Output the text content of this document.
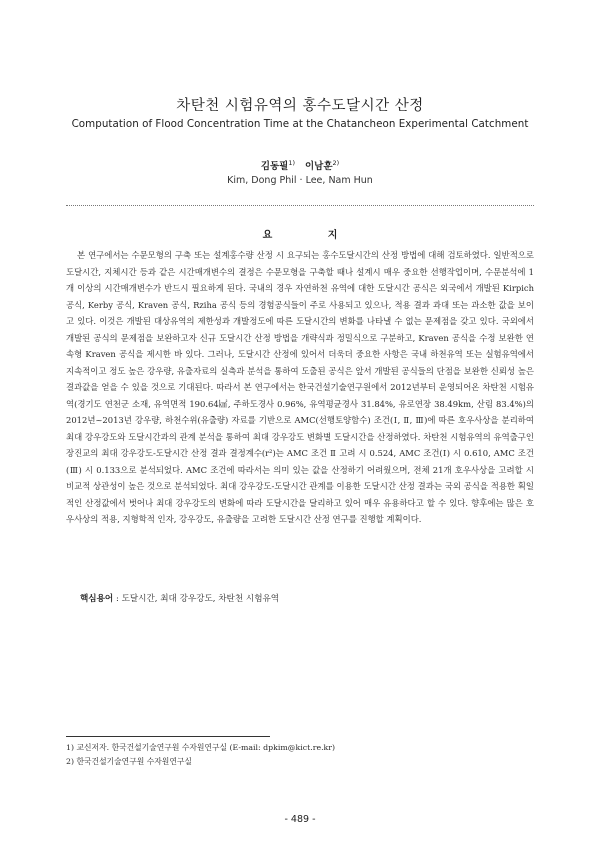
차탄천 시험유역의 홍수도달시간 산정
Computation of Flood Concentration Time at the Chatancheon Experimental Catchment
김동필$^{1)}$ 이남훈$^{2)}$
Kim, Dong Phil · Lee, Nam Hun
요 지

본 연구에서는 수문모형의 구축 또는 설계홍수량 산정 시 요구되는 홍수도달시간의 산정 방법에 대해 검토하였다. 일반적으로 도달시간, 지체시간 등과 같은 시간매개변수의 결정은 수문모형을 구축할 때나 설계시 매우 중요한 선행작업이며, 수문분석에 1개 이상의 시간매개변수가 반드시 필요하게 된다. 국내의 경우 자연하천 유역에 대한 도달시간 공식은 외국에서 개발된 Kirpich 공식, Kerby 공식, Kraven 공식, Rziha 공식 등의 경험공식들이 주로 사용되고 있으나, 적용 결과 과대 또는 과소한 값을 보이고 있다. 이것은 개발된 대상유역의 제한성과 개발정도에 따른 도달시간의 변화를 나타낼 수 없는 문제점을 갖고 있다. 국외에서 개발된 공식의 문제점을 보완하고자 신규 도달시간 산정 방법을 개략식과 정밀식으로 구분하고, Kraven 공식을 수정 보완한 연속형 Kraven 공식을 제시한 바 있다. 그러나, 도달시간 산정에 있어서 더욱더 중요한 사항은 국내 하천유역 또는 실험유역에서 지속적이고 정도 높은 강우량, 유출자료의 실측과 분석을 통하여 도출된 공식은 앞서 개발된 공식들의 단점을 보완한 신뢰성 높은 결과값을 얻을 수 있을 것으로 기대된다. 따라서 본 연구에서는 한국건설기술연구원에서 2012년부터 운영되어온 차탄천 시험유역(경기도 연천군 소재, 유역면적 190.64㎢, 주하도경사 0.96%, 유역평균경사 31.84%, 유로연장 38.49km, 산림 83.4%)의 2012년~2013년 강우량, 하천수위(유출량) 자료를 기반으로 AMC(선행토양함수) 조건(Ⅰ, Ⅱ, Ⅲ)에 따른 호우사상을 분리하여 최대 강우강도와 도달시간과의 관계 분석을 통하여 최대 강우강도 변화별 도달시간을 산정하였다. 차탄천 시험유역의 유역출구인 장진교의 최대 강우강도-도달시간 산정 결과 결정계수(r²)는 AMC 조건 Ⅱ 고려 시 0.524, AMC 조건(Ⅰ) 시 0.610, AMC 조건(Ⅲ) 시 0.133으로 분석되었다. AMC 조건에 따라서는 의미 있는 값을 산정하기 어려웠으며, 전체 21개 호우사상을 고려할 시 비교적 상관성이 높은 것으로 분석되었다. 최대 강우강도-도달시간 관계를 이용한 도달시간 산정 결과는 국외 공식을 적용한 획일적인 산정값에서 벗어나 최대 강우강도의 변화에 따라 도달시간을 달리하고 있어 매우 유용하다고 할 수 있다. 향후에는 많은 호우사상의 적용, 지형학적 인자, 강우강도, 유출량을 고려한 도달시간 산정 연구를 진행할 계획이다.

핵심용어 : 도달시간, 최대 강우강도, 차탄천 시험유역
1) 교신저자. 한국건설기술연구원 수자원연구실 (E-mail: dpkim@kict.re.kr)
2) 한국건설기술연구원 수자원연구실
- 489 -
